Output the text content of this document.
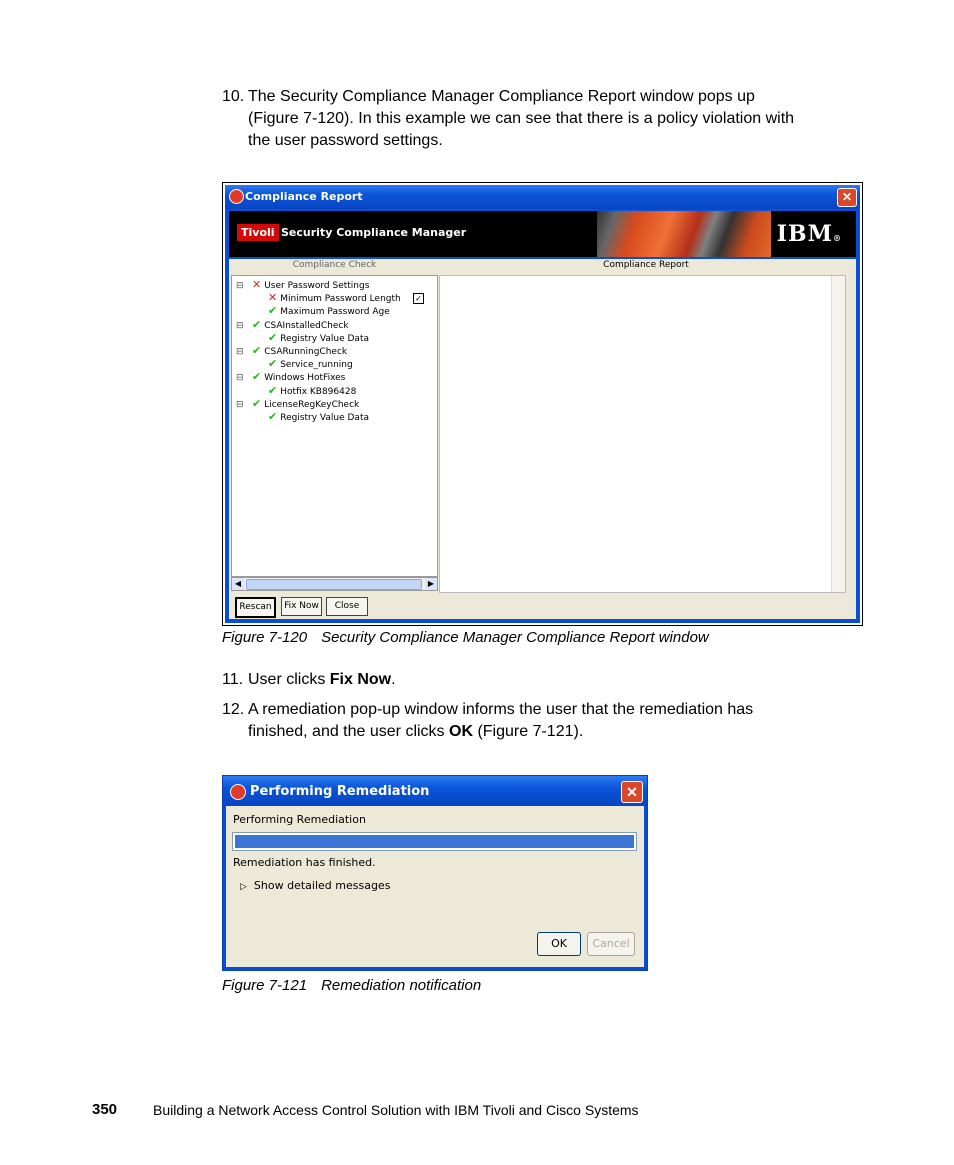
10. The Security Compliance Manager Compliance Report window pops up
(Figure 7-120). In this example we can see that there is a policy violation with
the user password settings.
Compliance Report	✕
Tivoli Security Compliance Manager	IBM®
Compliance Check	Compliance Report
⊟ ✕ User Password Settings
✕ Minimum Password Length ✓
✔ Maximum Password Age
⊟ ✔ CSAInstalledCheck
✔ Registry Value Data
⊟ ✔ CSARunningCheck
✔ Service_running
⊟ ✔ Windows HotFixes
✔ Hotfix KB896428
⊟ ✔ LicenseRegKeyCheck
✔ Registry Value Data
◀	▶
Rescan	Fix Now	Close
Figure 7-120 Security Compliance Manager Compliance Report window
11. User clicks Fix Now.
12. A remediation pop-up window informs the user that the remediation has
finished, and the user clicks OK (Figure 7-121).
Performing Remediation	✕
Performing Remediation
Remediation has finished.
▷ Show detailed messages
OK	Cancel
Figure 7-121 Remediation notification
350	Building a Network Access Control Solution with IBM Tivoli and Cisco Systems
